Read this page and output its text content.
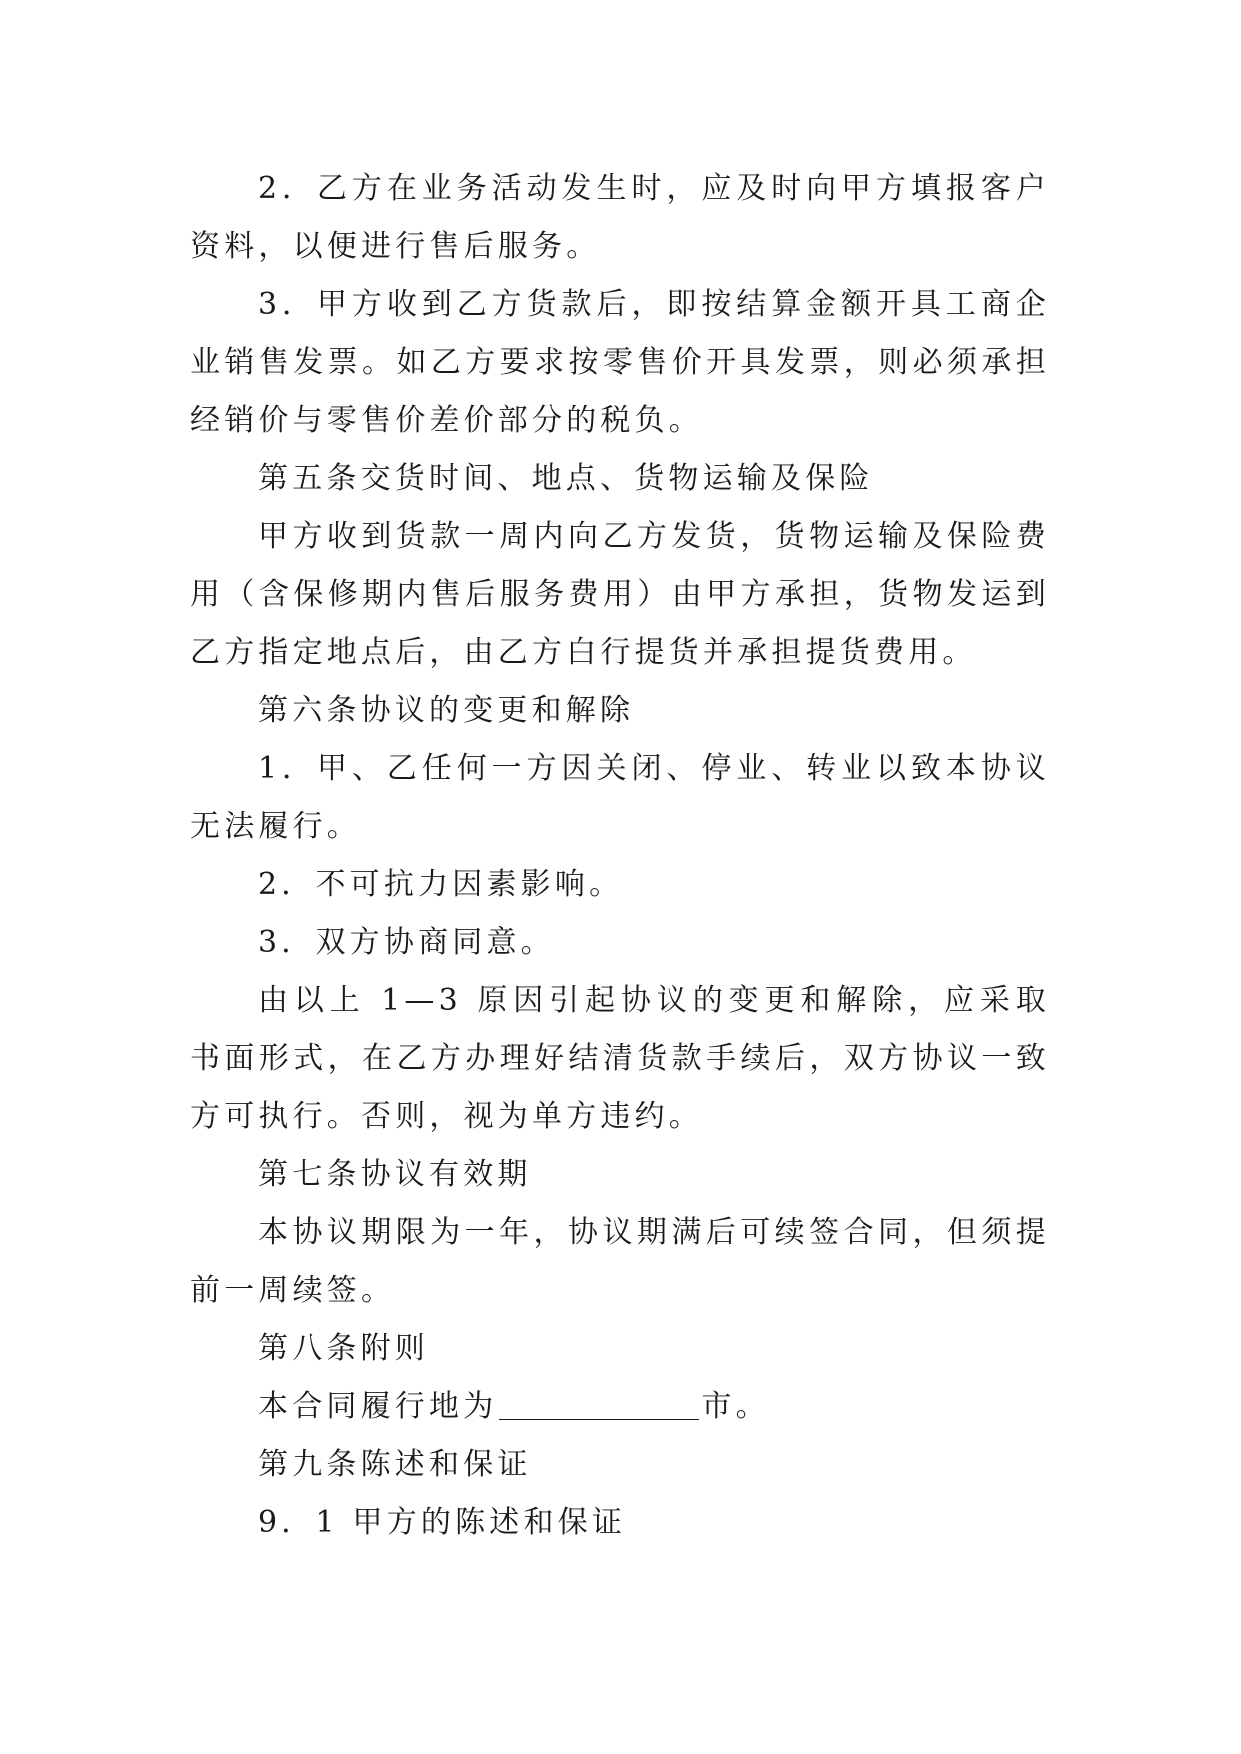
2．乙方在业务活动发生时，应及时向甲方填报客户资料，以便进行售后服务。

3．甲方收到乙方货款后，即按结算金额开具工商企业销售发票。如乙方要求按零售价开具发票，则必须承担经销价与零售价差价部分的税负。

第五条交货时间、地点、货物运输及保险

甲方收到货款一周内向乙方发货，货物运输及保险费用（含保修期内售后服务费用）由甲方承担，货物发运到乙方指定地点后，由乙方白行提货并承担提货费用。

第六条协议的变更和解除

1．甲、乙任何一方因关闭、停业、转业以致本协议无法履行。

2．不可抗力因素影响。

3．双方协商同意。

由以上 1—3 原因引起协议的变更和解除，应采取书面形式，在乙方办理好结清货款手续后，双方协议一致方可执行。否则，视为单方违约。

第七条协议有效期

本协议期限为一年，协议期满后可续签合同，但须提前一周续签。

第八条附则

本合同履行地为	市。

第九条陈述和保证

9．1 甲方的陈述和保证
